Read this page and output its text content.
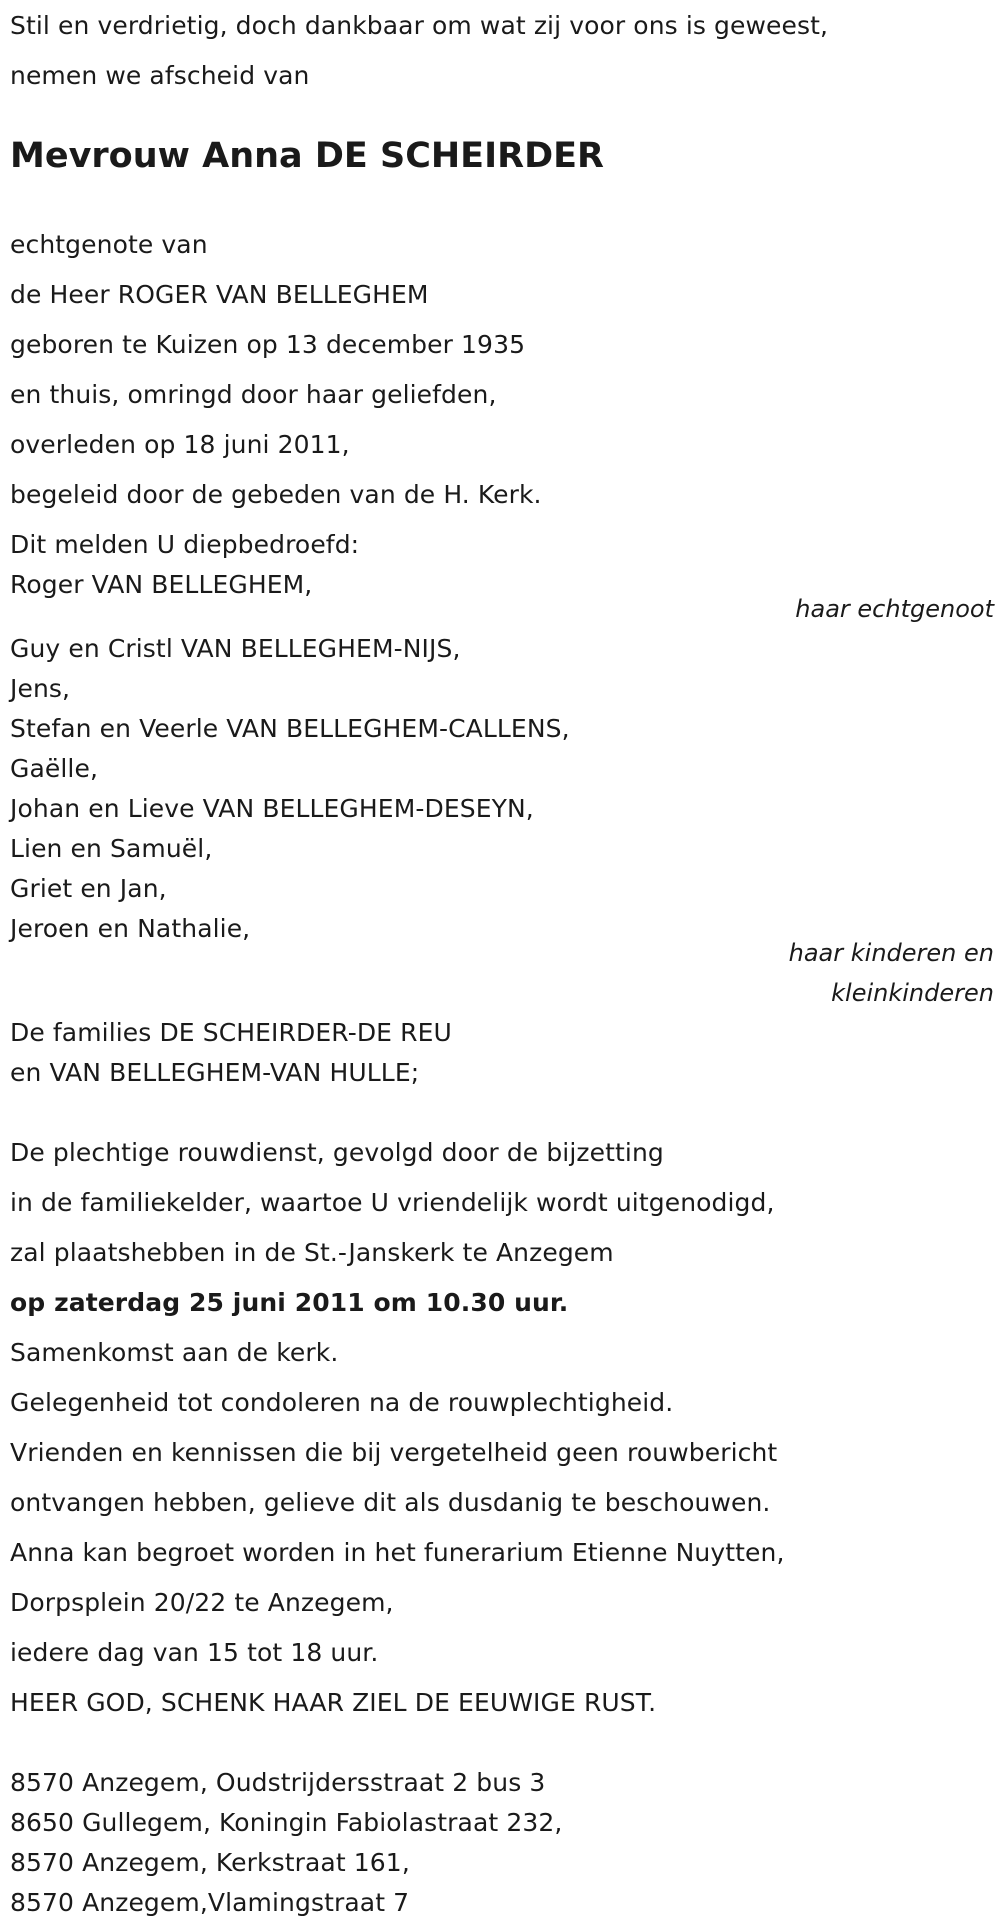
Stil en verdrietig, doch dankbaar om wat zij voor ons is geweest,
nemen we afscheid van
Mevrouw Anna DE SCHEIRDER
echtgenote van
de Heer ROGER VAN BELLEGHEM
geboren te Kuizen op 13 december 1935
en thuis, omringd door haar geliefden,
overleden op 18 juni 2011,
begeleid door de gebeden van de H. Kerk.
Dit melden U diepbedroefd:
Roger VAN BELLEGHEM,
haar echtgenoot
Guy en Cristl VAN BELLEGHEM-NIJS,
Jens,
Stefan en Veerle VAN BELLEGHEM-CALLENS,
Gaëlle,
Johan en Lieve VAN BELLEGHEM-DESEYN,
Lien en Samuël,
Griet en Jan,
Jeroen en Nathalie,
haar kinderen en
kleinkinderen
De families DE SCHEIRDER-DE REU
en VAN BELLEGHEM-VAN HULLE;
De plechtige rouwdienst, gevolgd door de bijzetting
in de familiekelder, waartoe U vriendelijk wordt uitgenodigd,
zal plaatshebben in de St.-Janskerk te Anzegem
op zaterdag 25 juni 2011 om 10.30 uur.
Samenkomst aan de kerk.
Gelegenheid tot condoleren na de rouwplechtigheid.
Vrienden en kennissen die bij vergetelheid geen rouwbericht
ontvangen hebben, gelieve dit als dusdanig te beschouwen.
Anna kan begroet worden in het funerarium Etienne Nuytten,
Dorpsplein 20/22 te Anzegem,
iedere dag van 15 tot 18 uur.
HEER GOD, SCHENK HAAR ZIEL DE EEUWIGE RUST.
8570 Anzegem, Oudstrijdersstraat 2 bus 3
8650 Gullegem, Koningin Fabiolastraat 232,
8570 Anzegem, Kerkstraat 161,
8570 Anzegem,Vlamingstraat 7
